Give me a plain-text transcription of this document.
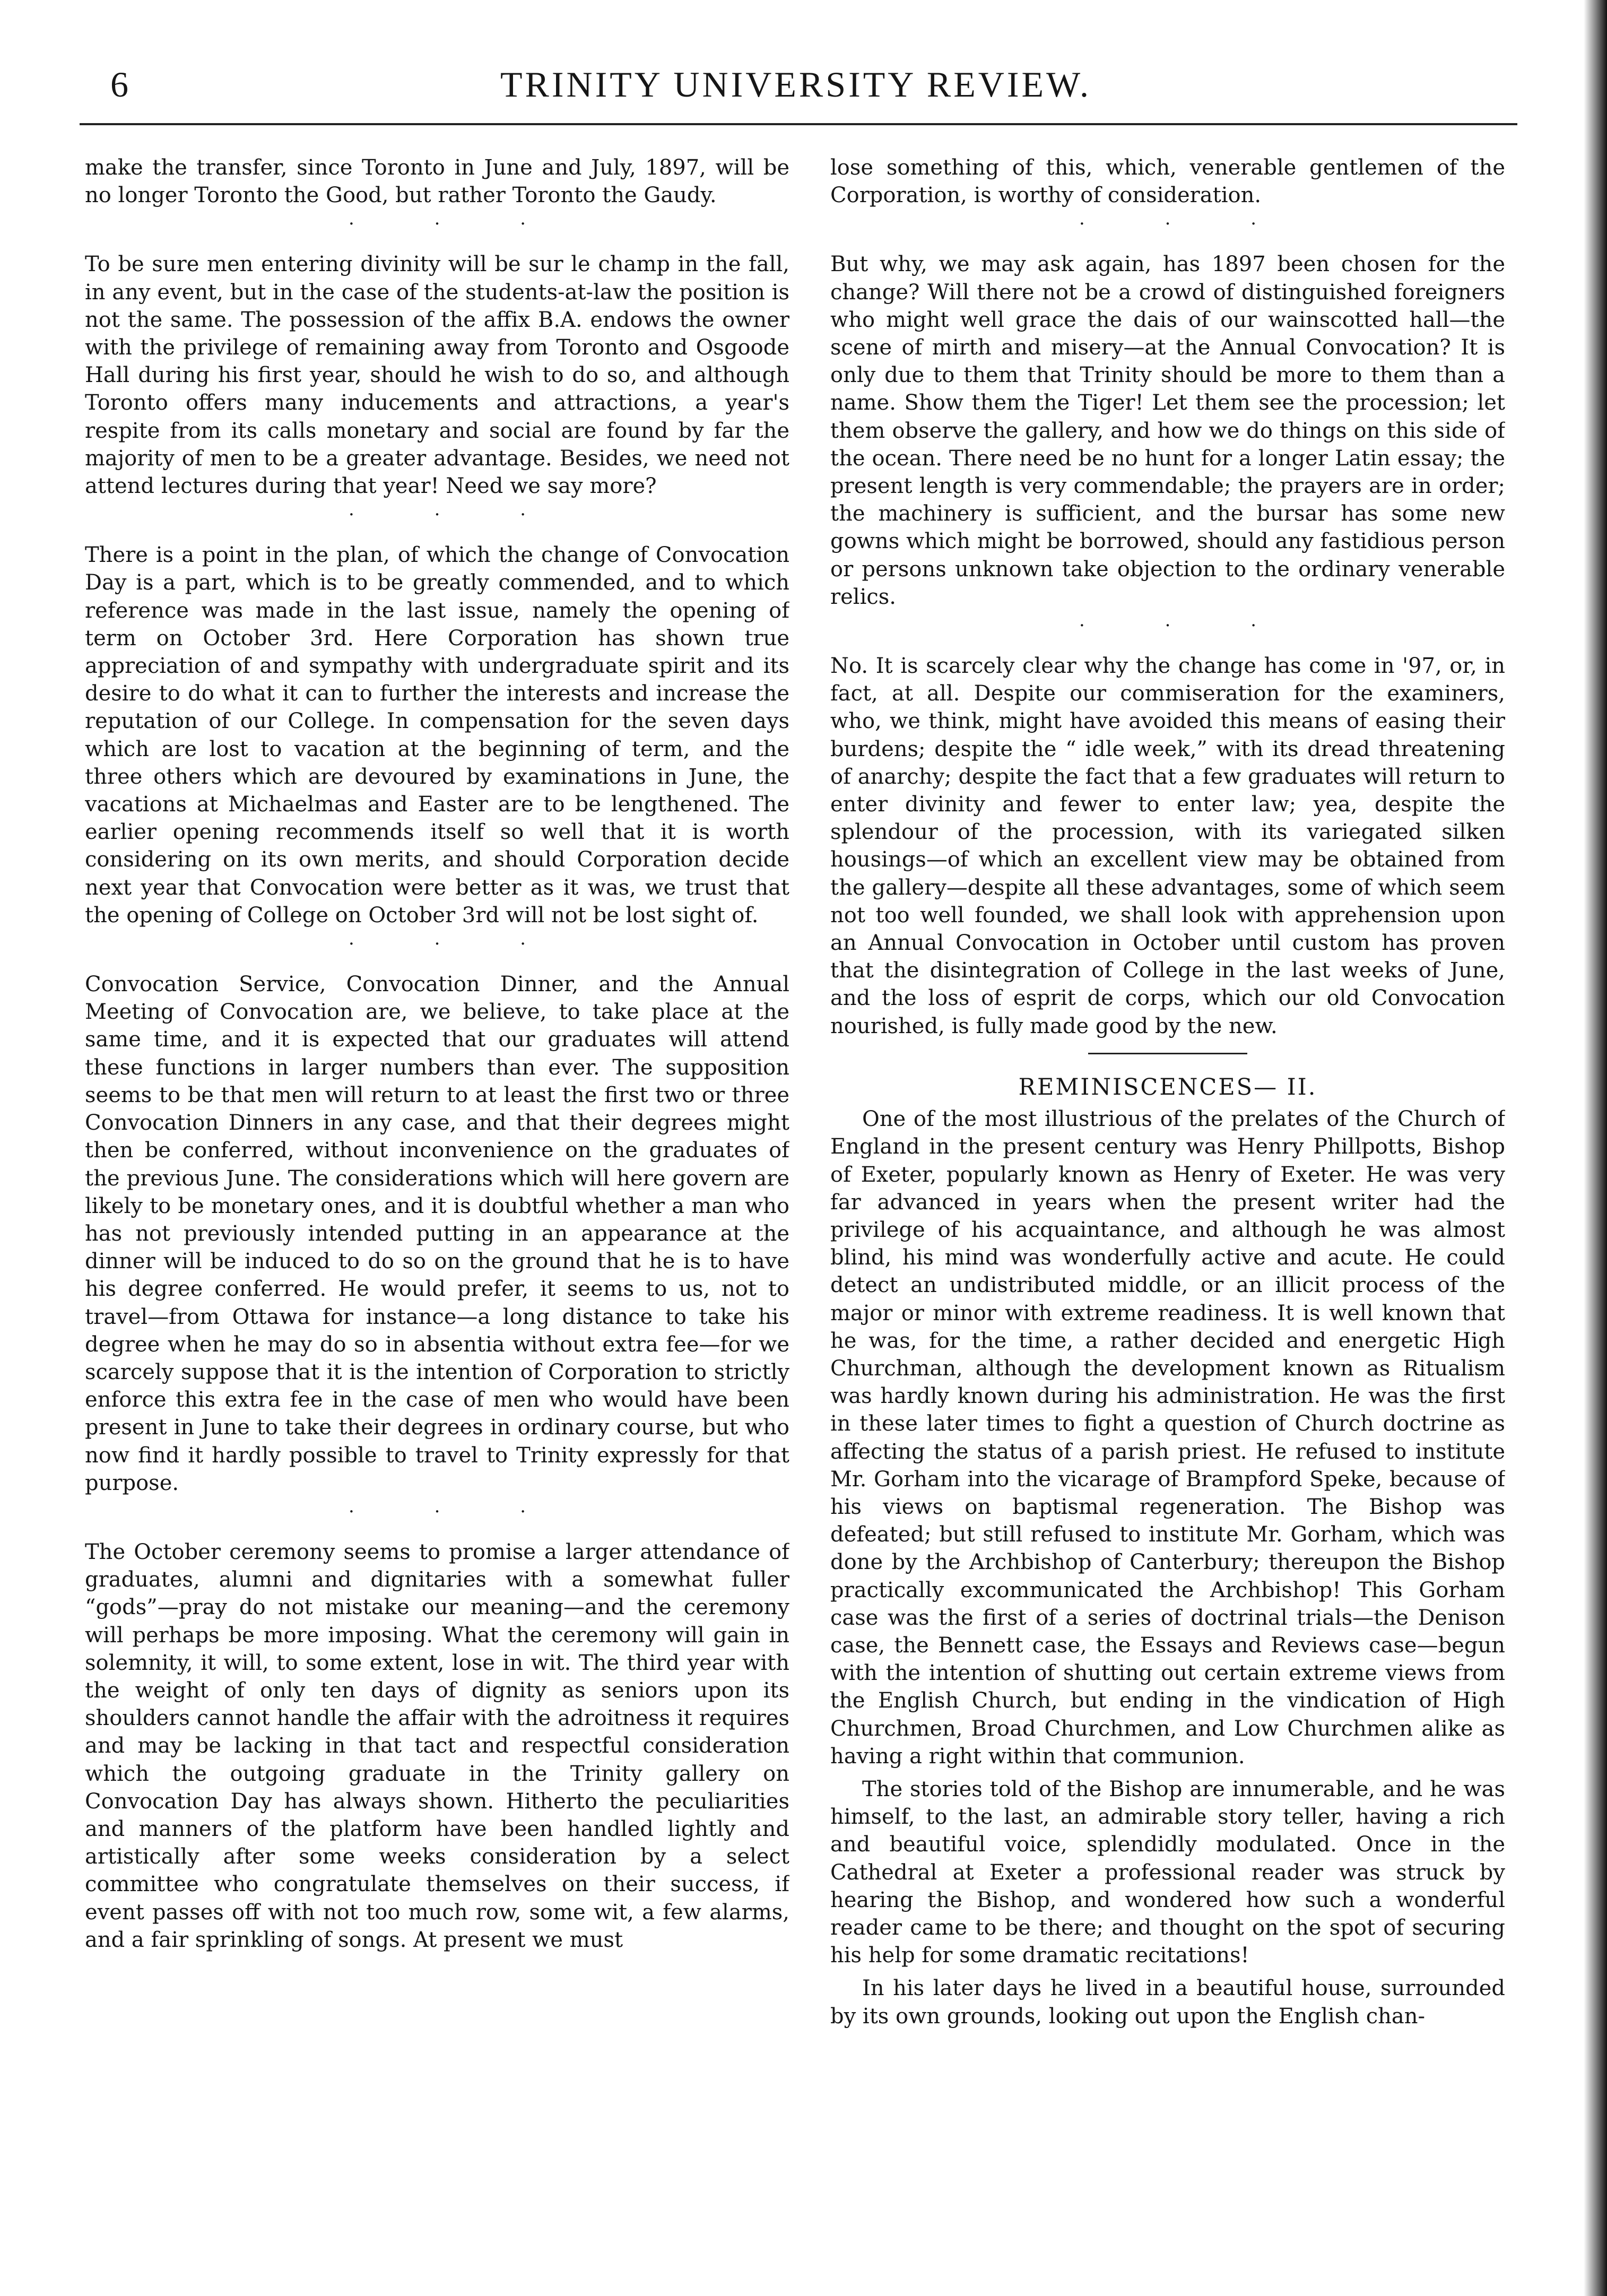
6	TRINITY UNIVERSITY REVIEW.

make the transfer, since Toronto in June and July, 1897, will be no longer Toronto the Good, but rather Toronto the Gaudy.

· · ·

To be sure men entering divinity will be sur le champ in the fall, in any event, but in the case of the students-at-law the position is not the same. The possession of the affix B.A. endows the owner with the privilege of remaining away from Toronto and Osgoode Hall during his first year, should he wish to do so, and although Toronto offers many inducements and attractions, a year's respite from its calls monetary and social are found by far the majority of men to be a greater advantage. Besides, we need not attend lectures during that year! Need we say more?

· · ·

There is a point in the plan, of which the change of Convocation Day is a part, which is to be greatly commended, and to which reference was made in the last issue, namely the opening of term on October 3rd. Here Corporation has shown true appreciation of and sympathy with undergraduate spirit and its desire to do what it can to further the interests and increase the reputation of our College. In compensation for the seven days which are lost to vacation at the beginning of term, and the three others which are devoured by examinations in June, the vacations at Michaelmas and Easter are to be lengthened. The earlier opening recommends itself so well that it is worth considering on its own merits, and should Corporation decide next year that Convocation were better as it was, we trust that the opening of College on October 3rd will not be lost sight of.

· · ·

Convocation Service, Convocation Dinner, and the Annual Meeting of Convocation are, we believe, to take place at the same time, and it is expected that our graduates will attend these functions in larger numbers than ever. The supposition seems to be that men will return to at least the first two or three Convocation Dinners in any case, and that their degrees might then be conferred, without inconvenience on the graduates of the previous June. The considerations which will here govern are likely to be monetary ones, and it is doubtful whether a man who has not previously intended putting in an appearance at the dinner will be induced to do so on the ground that he is to have his degree conferred. He would prefer, it seems to us, not to travel—from Ottawa for instance—a long distance to take his degree when he may do so in absentia without extra fee—for we scarcely suppose that it is the intention of Corporation to strictly enforce this extra fee in the case of men who would have been present in June to take their degrees in ordinary course, but who now find it hardly possible to travel to Trinity expressly for that purpose.

· · ·

The October ceremony seems to promise a larger attendance of graduates, alumni and dignitaries with a somewhat fuller “gods”—pray do not mistake our meaning—and the ceremony will perhaps be more imposing. What the ceremony will gain in solemnity, it will, to some extent, lose in wit. The third year with the weight of only ten days of dignity as seniors upon its shoulders cannot handle the affair with the adroitness it requires and may be lacking in that tact and respectful consideration which the outgoing graduate in the Trinity gallery on Convocation Day has always shown. Hitherto the peculiarities and manners of the platform have been handled lightly and artistically after some weeks consideration by a select committee who congratulate themselves on their success, if event passes off with not too much row, some wit, a few alarms, and a fair sprinkling of songs. At present we must

lose something of this, which, venerable gentlemen of the Corporation, is worthy of consideration.

· · ·

But why, we may ask again, has 1897 been chosen for the change? Will there not be a crowd of distinguished foreigners who might well grace the dais of our wainscotted hall—the scene of mirth and misery—at the Annual Convocation? It is only due to them that Trinity should be more to them than a name. Show them the Tiger! Let them see the procession; let them observe the gallery, and how we do things on this side of the ocean. There need be no hunt for a longer Latin essay; the present length is very commendable; the prayers are in order; the machinery is sufficient, and the bursar has some new gowns which might be borrowed, should any fastidious person or persons unknown take objection to the ordinary venerable relics.

· · ·

No. It is scarcely clear why the change has come in '97, or, in fact, at all. Despite our commiseration for the examiners, who, we think, might have avoided this means of easing their burdens; despite the “ idle week,” with its dread threatening of anarchy; despite the fact that a few graduates will return to enter divinity and fewer to enter law; yea, despite the splendour of the procession, with its variegated silken housings—of which an excellent view may be obtained from the gallery—despite all these advantages, some of which seem not too well founded, we shall look with apprehension upon an Annual Convocation in October until custom has proven that the disintegration of College in the last weeks of June, and the loss of esprit de corps, which our old Convocation nourished, is fully made good by the new.

REMINISCENCES— II.

One of the most illustrious of the prelates of the Church of England in the present century was Henry Phillpotts, Bishop of Exeter, popularly known as Henry of Exeter. He was very far advanced in years when the present writer had the privilege of his acquaintance, and although he was almost blind, his mind was wonderfully active and acute. He could detect an undistributed middle, or an illicit process of the major or minor with extreme readiness. It is well known that he was, for the time, a rather decided and energetic High Churchman, although the development known as Ritualism was hardly known during his administration. He was the first in these later times to fight a question of Church doctrine as affecting the status of a parish priest. He refused to institute Mr. Gorham into the vicarage of Brampford Speke, because of his views on baptismal regeneration. The Bishop was defeated; but still refused to institute Mr. Gorham, which was done by the Archbishop of Canterbury; thereupon the Bishop practically excommunicated the Archbishop! This Gorham case was the first of a series of doctrinal trials—the Denison case, the Bennett case, the Essays and Reviews case—begun with the intention of shutting out certain extreme views from the English Church, but ending in the vindication of High Churchmen, Broad Churchmen, and Low Churchmen alike as having a right within that communion.

The stories told of the Bishop are innumerable, and he was himself, to the last, an admirable story teller, having a rich and beautiful voice, splendidly modulated. Once in the Cathedral at Exeter a professional reader was struck by hearing the Bishop, and wondered how such a wonderful reader came to be there; and thought on the spot of securing his help for some dramatic recitations!

In his later days he lived in a beautiful house, surrounded by its own grounds, looking out upon the English chan-
